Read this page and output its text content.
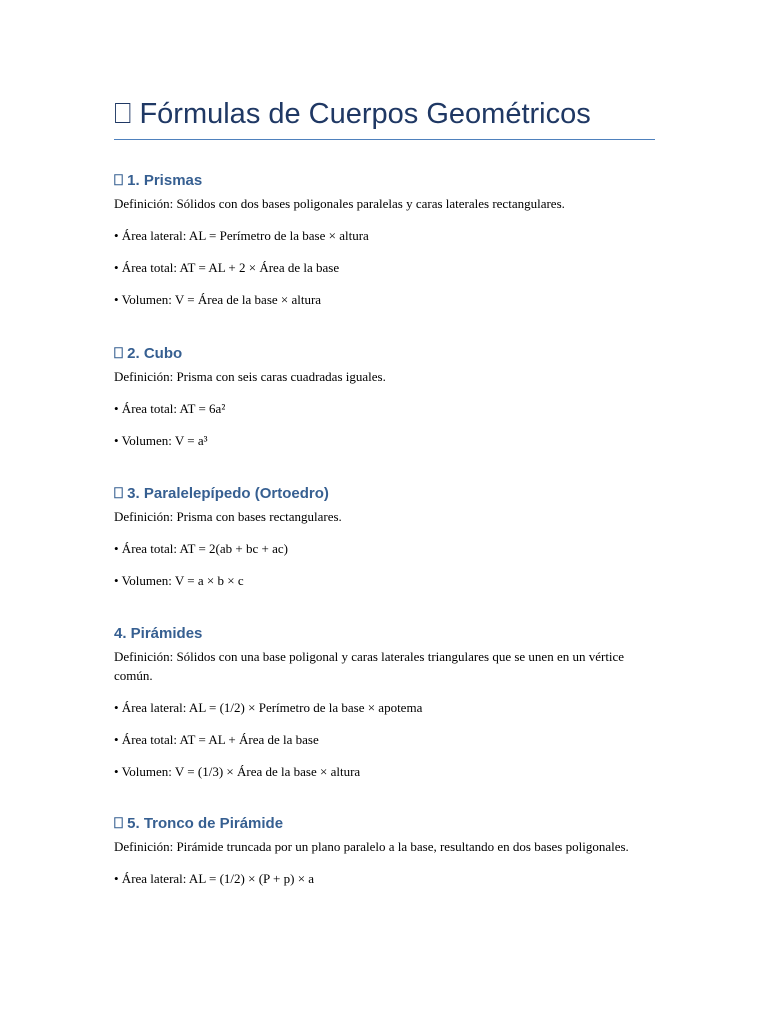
⎕ Fórmulas de Cuerpos Geométricos
⎕ 1. Prismas
Definición: Sólidos con dos bases poligonales paralelas y caras laterales rectangulares.
• Área lateral: AL = Perímetro de la base × altura
• Área total: AT = AL + 2 × Área de la base
• Volumen: V = Área de la base × altura
⎕ 2. Cubo
Definición: Prisma con seis caras cuadradas iguales.
• Área total: AT = 6a²
• Volumen: V = a³
⎕ 3. Paralelepípedo (Ortoedro)
Definición: Prisma con bases rectangulares.
• Área total: AT = 2(ab + bc + ac)
• Volumen: V = a × b × c
4. Pirámides
Definición: Sólidos con una base poligonal y caras laterales triangulares que se unen en un vértice común.
• Área lateral: AL = (1/2) × Perímetro de la base × apotema
• Área total: AT = AL + Área de la base
• Volumen: V = (1/3) × Área de la base × altura
⎕ 5. Tronco de Pirámide
Definición: Pirámide truncada por un plano paralelo a la base, resultando en dos bases poligonales.
• Área lateral: AL = (1/2) × (P + p) × a
